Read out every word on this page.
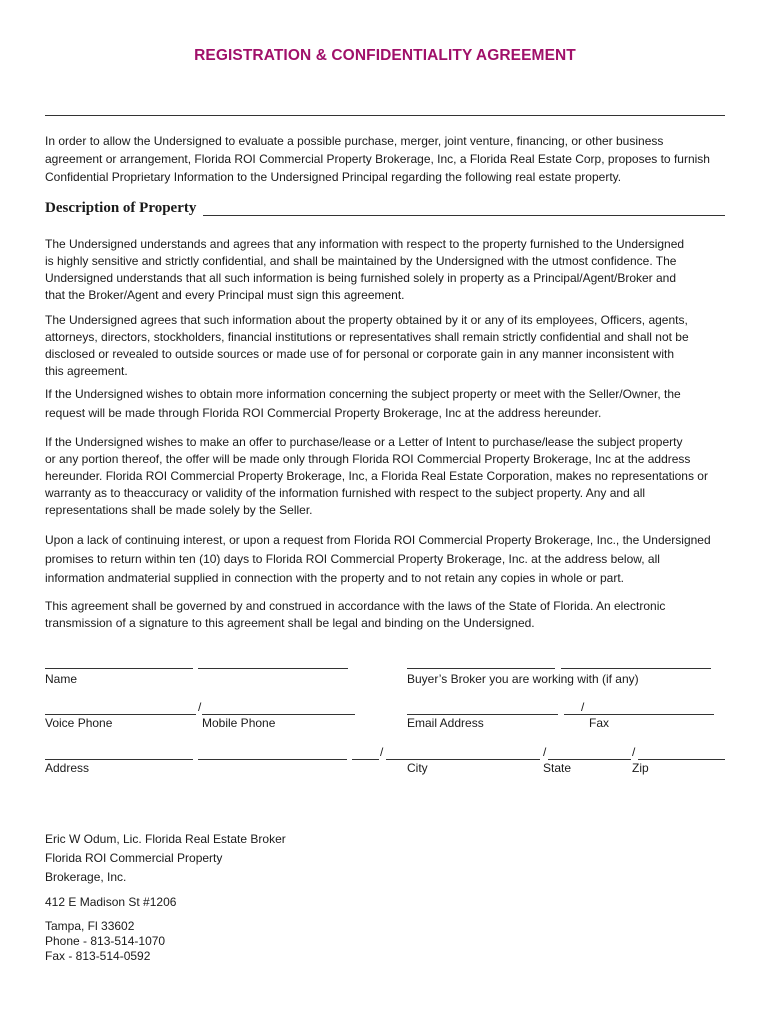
REGISTRATION & CONFIDENTIALITY AGREEMENT
In order to allow the Undersigned to evaluate a possible purchase, merger, joint venture, financing, or other business
agreement or arrangement, Florida ROI Commercial Property Brokerage, Inc, a Florida Real Estate Corp, proposes to furnish
Confidential Proprietary Information to the Undersigned Principal regarding the following real estate property.
Description of Property
The Undersigned understands and agrees that any information with respect to the property furnished to the Undersigned
is highly sensitive and strictly confidential, and shall be maintained by the Undersigned with the utmost confidence. The
Undersigned understands that all such information is being furnished solely in property as a Principal/Agent/Broker and
that the Broker/Agent and every Principal must sign this agreement.
The Undersigned agrees that such information about the property obtained by it or any of its employees, Officers, agents,
attorneys, directors, stockholders, financial institutions or representatives shall remain strictly confidential and shall not be
disclosed or revealed to outside sources or made use of for personal or corporate gain in any manner inconsistent with
this agreement.
If the Undersigned wishes to obtain more information concerning the subject property or meet with the Seller/Owner, the
request will be made through Florida ROI Commercial Property Brokerage, Inc at the address hereunder.
If the Undersigned wishes to make an offer to purchase/lease or a Letter of Intent to purchase/lease the subject property
or any portion thereof, the offer will be made only through Florida ROI Commercial Property Brokerage, Inc at the address
hereunder. Florida ROI Commercial Property Brokerage, Inc, a Florida Real Estate Corporation, makes no representations or
warranty as to theaccuracy or validity of the information furnished with respect to the subject property. Any and all
representations shall be made solely by the Seller.
Upon a lack of continuing interest, or upon a request from Florida ROI Commercial Property Brokerage, Inc., the Undersigned
promises to return within ten (10) days to Florida ROI Commercial Property Brokerage, Inc. at the address below, all
information andmaterial supplied in connection with the property and to not retain any copies in whole or part.
This agreement shall be governed by and construed in accordance with the laws of the State of Florida. An electronic
transmission of a signature to this agreement shall be legal and binding on the Undersigned.
Name	Buyer’s Broker you are working with (if any)
/	/
Voice Phone	Mobile Phone	Email Address	Fax
/	/	/
Address	City	State	Zip
Eric W Odum, Lic. Florida Real Estate Broker
Florida ROI Commercial Property
Brokerage, Inc.
412 E Madison St #1206
Tampa, Fl 33602
Phone - 813-514-1070
Fax - 813-514-0592
